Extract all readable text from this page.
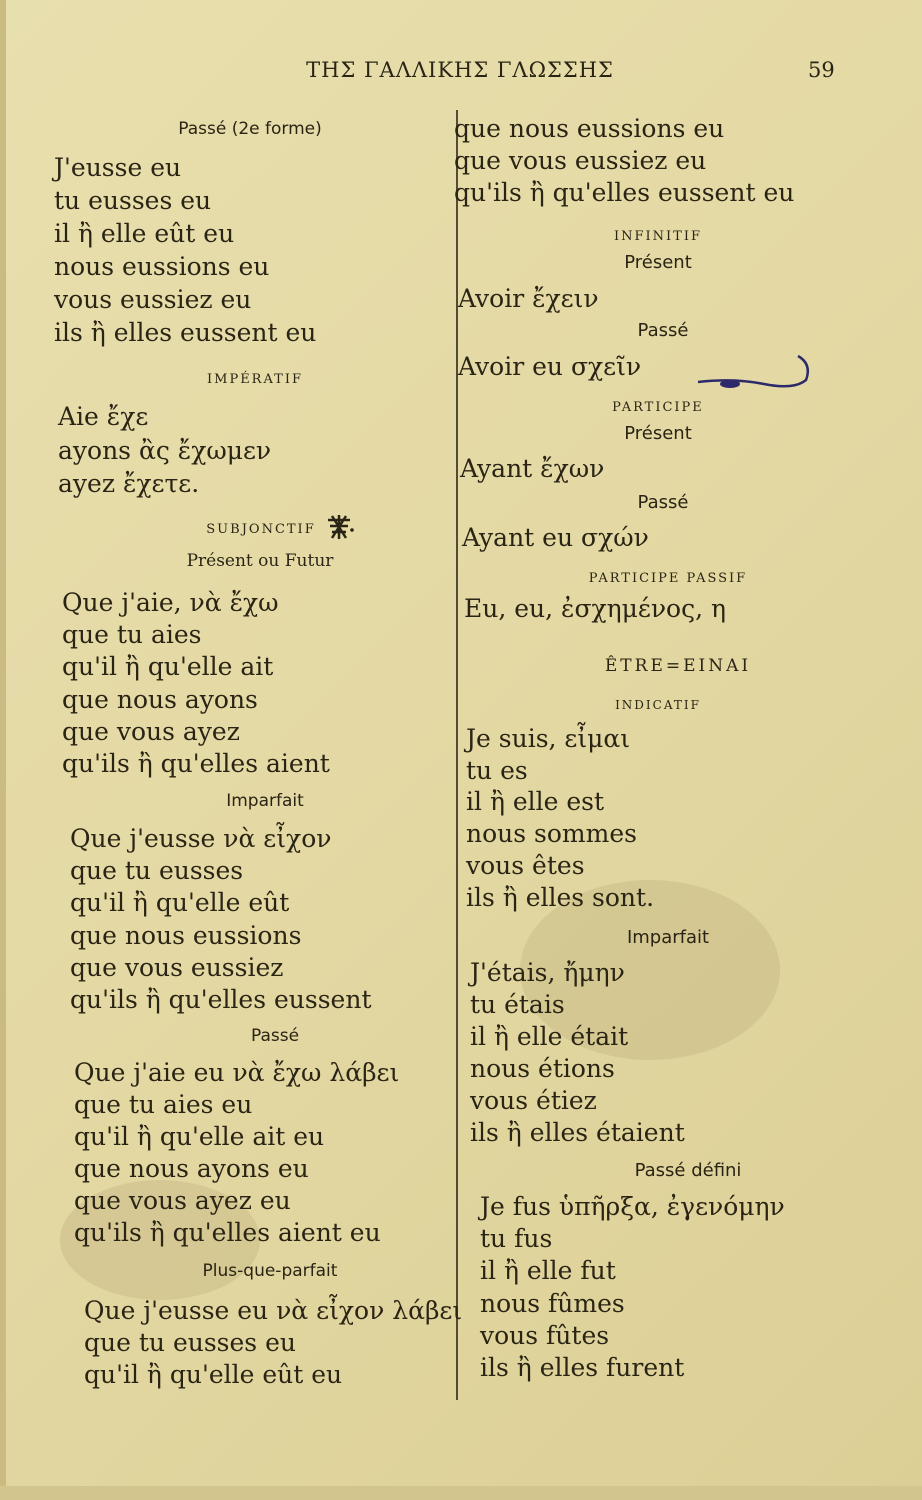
ΤΗΣ ΓΑΛΛΙΚΗΣ ΓΛΩΣΣΗΣ	59
Passé (2e forme)
J'eusse eu
tu eusses eu
il ἢ elle eût eu
nous eussions eu
vous eussiez eu
ils ἢ elles eussent eu
IMPÉRATIF
Aie ἔχε
ayons ἂς ἔχωμεν
ayez ἔχετε.
SUBJONCTIF
Présent ou Futur
Que j'aie, νὰ ἔχω
que tu aies
qu'il ἢ qu'elle ait
que nous ayons
que vous ayez
qu'ils ἢ qu'elles aient
Imparfait
Que j'eusse νὰ εἶχον
que tu eusses
qu'il ἢ qu'elle eût
que nous eussions
que vous eussiez
qu'ils ἢ qu'elles eussent
Passé
Que j'aie eu νὰ ἔχω λάβει
que tu aies eu
qu'il ἢ qu'elle ait eu
que nous ayons eu
que vous ayez eu
qu'ils ἢ qu'elles aient eu
Plus-que-parfait
Que j'eusse eu νὰ εἶχον λάβει
que tu eusses eu
qu'il ἢ qu'elle eût eu
que nous eussions eu
que vous eussiez eu
qu'ils ἢ qu'elles eussent eu
INFINITIF
Présent
Avoir ἔχειν
Passé
Avoir eu σχεῖν
PARTICIPE
Présent
Ayant ἔχων
Passé
Ayant eu σχών
PARTICIPE PASSIF
Eu, eu, ἐσχημένος, η
ÊTRE=EINAI
INDICATIF
Je suis, εἶμαι
tu es
il ἢ elle est
nous sommes
vous êtes
ils ἢ elles sont.
Imparfait
J'étais, ἤμην
tu étais
il ἢ elle était
nous étions
vous étiez
ils ἢ elles étaient
Passé défini
Je fus ὑπῆρξα, ἐγενόμην
tu fus
il ἢ elle fut
nous fûmes
vous fûtes
ils ἢ elles furent
